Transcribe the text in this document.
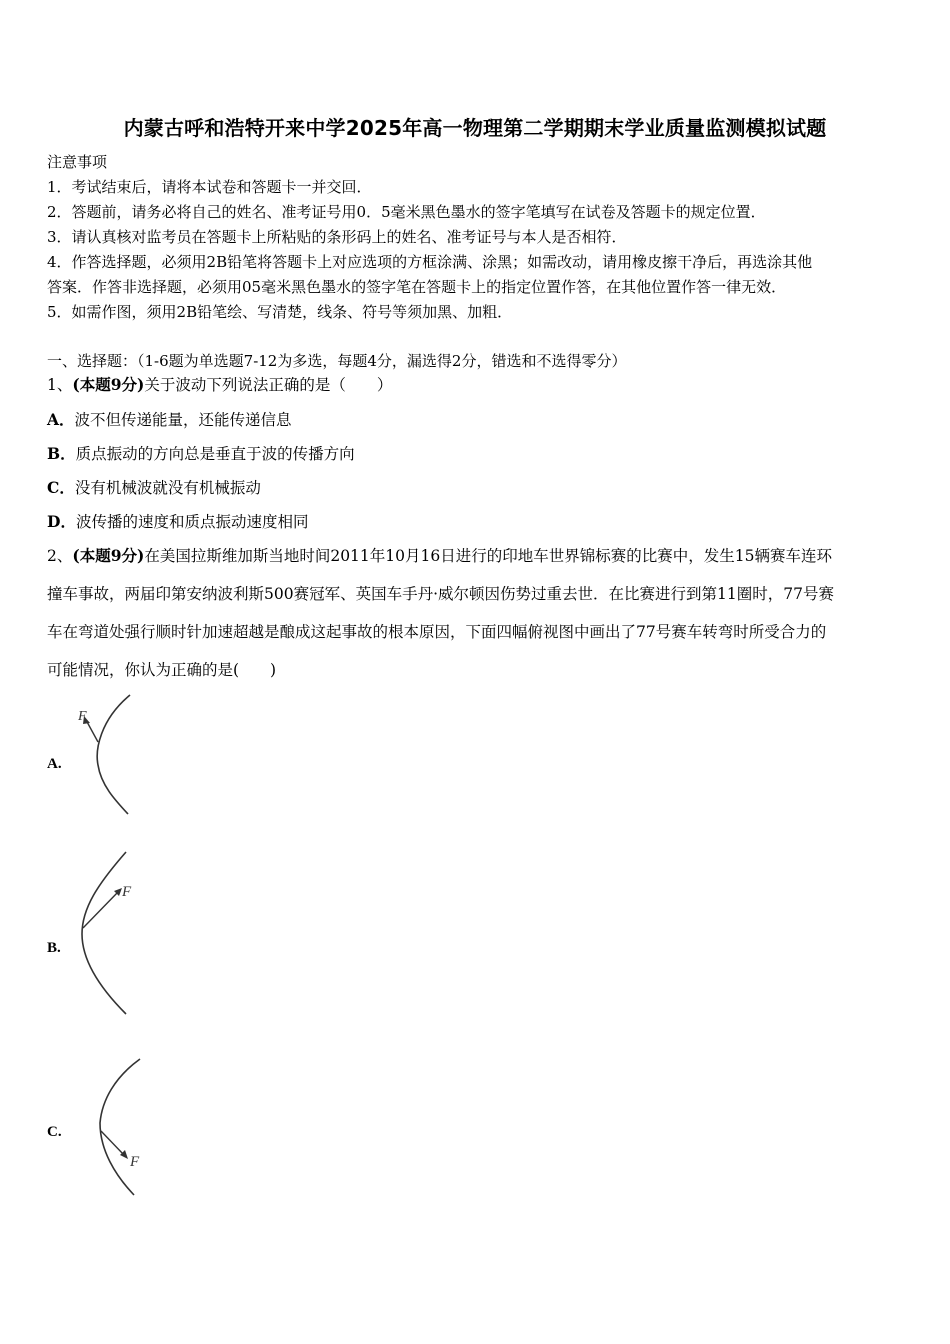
内蒙古呼和浩特开来中学2025年高一物理第二学期期末学业质量监测模拟试题
注意事项
1．考试结束后，请将本试卷和答题卡一并交回．
2．答题前，请务必将自己的姓名、准考证号用0．5毫米黑色墨水的签字笔填写在试卷及答题卡的规定位置．
3．请认真核对监考员在答题卡上所粘贴的条形码上的姓名、准考证号与本人是否相符．
4．作答选择题，必须用2B铅笔将答题卡上对应选项的方框涂满、涂黑；如需改动，请用橡皮擦干净后，再选涂其他
答案．作答非选择题，必须用05毫米黑色墨水的签字笔在答题卡上的指定位置作答，在其他位置作答一律无效．
5．如需作图，须用2B铅笔绘、写清楚，线条、符号等须加黑、加粗．
一、选择题：（1-6题为单选题7-12为多选，每题4分，漏选得2分，错选和不选得零分）
1、(本题9分)关于波动下列说法正确的是（　　）
A．波不但传递能量，还能传递信息
B．质点振动的方向总是垂直于波的传播方向
C．没有机械波就没有机械振动
D．波传播的速度和质点振动速度相同
2、(本题9分)在美国拉斯维加斯当地时间2011年10月16日进行的印地车世界锦标赛的比赛中，发生15辆赛车连环
撞车事故，两届印第安纳波利斯500赛冠军、英国车手丹·威尔顿因伤势过重去世．在比赛进行到第11圈时，77号赛
车在弯道处强行顺时针加速超越是酿成这起事故的根本原因，下面四幅俯视图中画出了77号赛车转弯时所受合力的
可能情况，你认为正确的是(　　)
A.
F
B.
F
C.
F
